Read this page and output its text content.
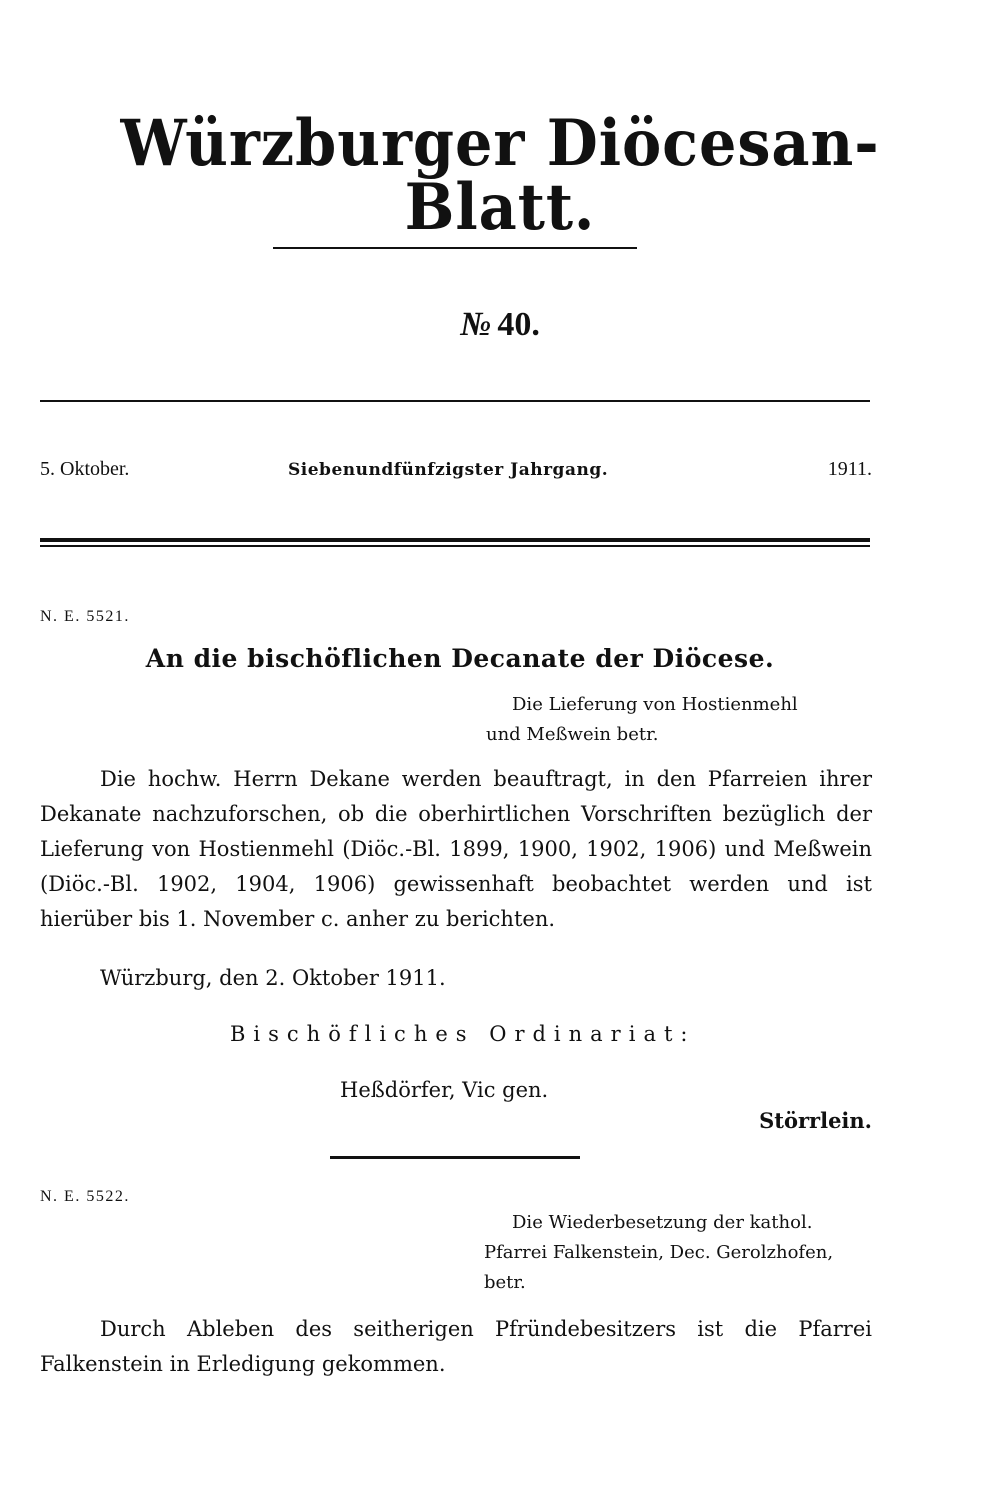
Würzburger Diöcesan-Blatt.
№ 40.
5. Oktober.	Siebenundfünfzigster Jahrgang.	1911.
N. E. 5521.
An die bischöflichen Decanate der Diöcese.
Die Lieferung von Hostienmehl
und Meßwein betr.
Die hochw. Herrn Dekane werden beauftragt, in den Pfarreien ihrer Dekanate nachzuforschen, ob die oberhirtlichen Vorschriften bezüglich der Lieferung von Hostienmehl (Diöc.-Bl. 1899, 1900, 1902, 1906) und Meßwein (Diöc.-Bl. 1902, 1904, 1906) gewissenhaft beobachtet werden und ist hierüber bis 1. November c. anher zu berichten.
Würzburg, den 2. Oktober 1911.
Bischöfliches Ordinariat:
Heßdörfer, Vic gen.
Störrlein.
N. E. 5522.
Die Wiederbesetzung der kathol.
Pfarrei Falkenstein, Dec. Gerolzhofen,
betr.
Durch Ableben des seitherigen Pfründebesitzers ist die Pfarrei Falkenstein in Erledigung gekommen.
